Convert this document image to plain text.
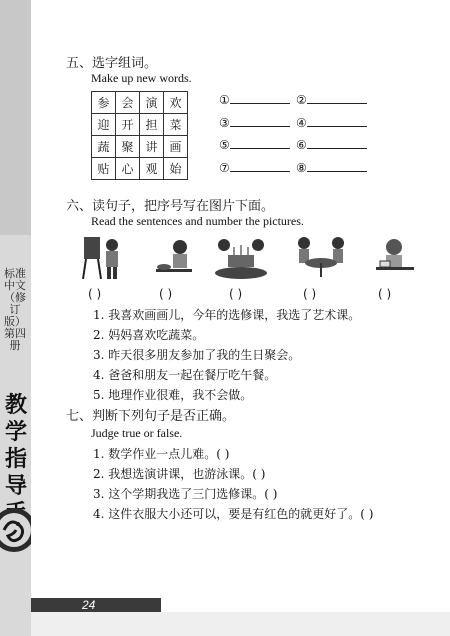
标准中文（修订版）第四册
教学指导
五、选字组词。
Make up new words.
参	会	演	欢
迎	开	担	菜
蔬	聚	讲	画
贴	心	观	始
①	②
③	④
⑤	⑥
⑦	⑧
六、读句子，把序号写在图片下面。
Read the sentences and number the pictures.
( )	( )	( )	( )	( )
1. 我喜欢画画儿，今年的选修课，我选了艺术课。
2. 妈妈喜欢吃蔬菜。
3. 昨天很多朋友参加了我的生日聚会。
4. 爸爸和朋友一起在餐厅吃午餐。
5. 地理作业很难，我不会做。
七、判断下列句子是否正确。
Judge true or false.
1. 数学作业一点儿难。( )
2. 我想选演讲课，也游泳课。( )
3. 这个学期我选了三门选修课。( )
4. 这件衣服大小还可以，要是有红色的就更好了。( )
24
